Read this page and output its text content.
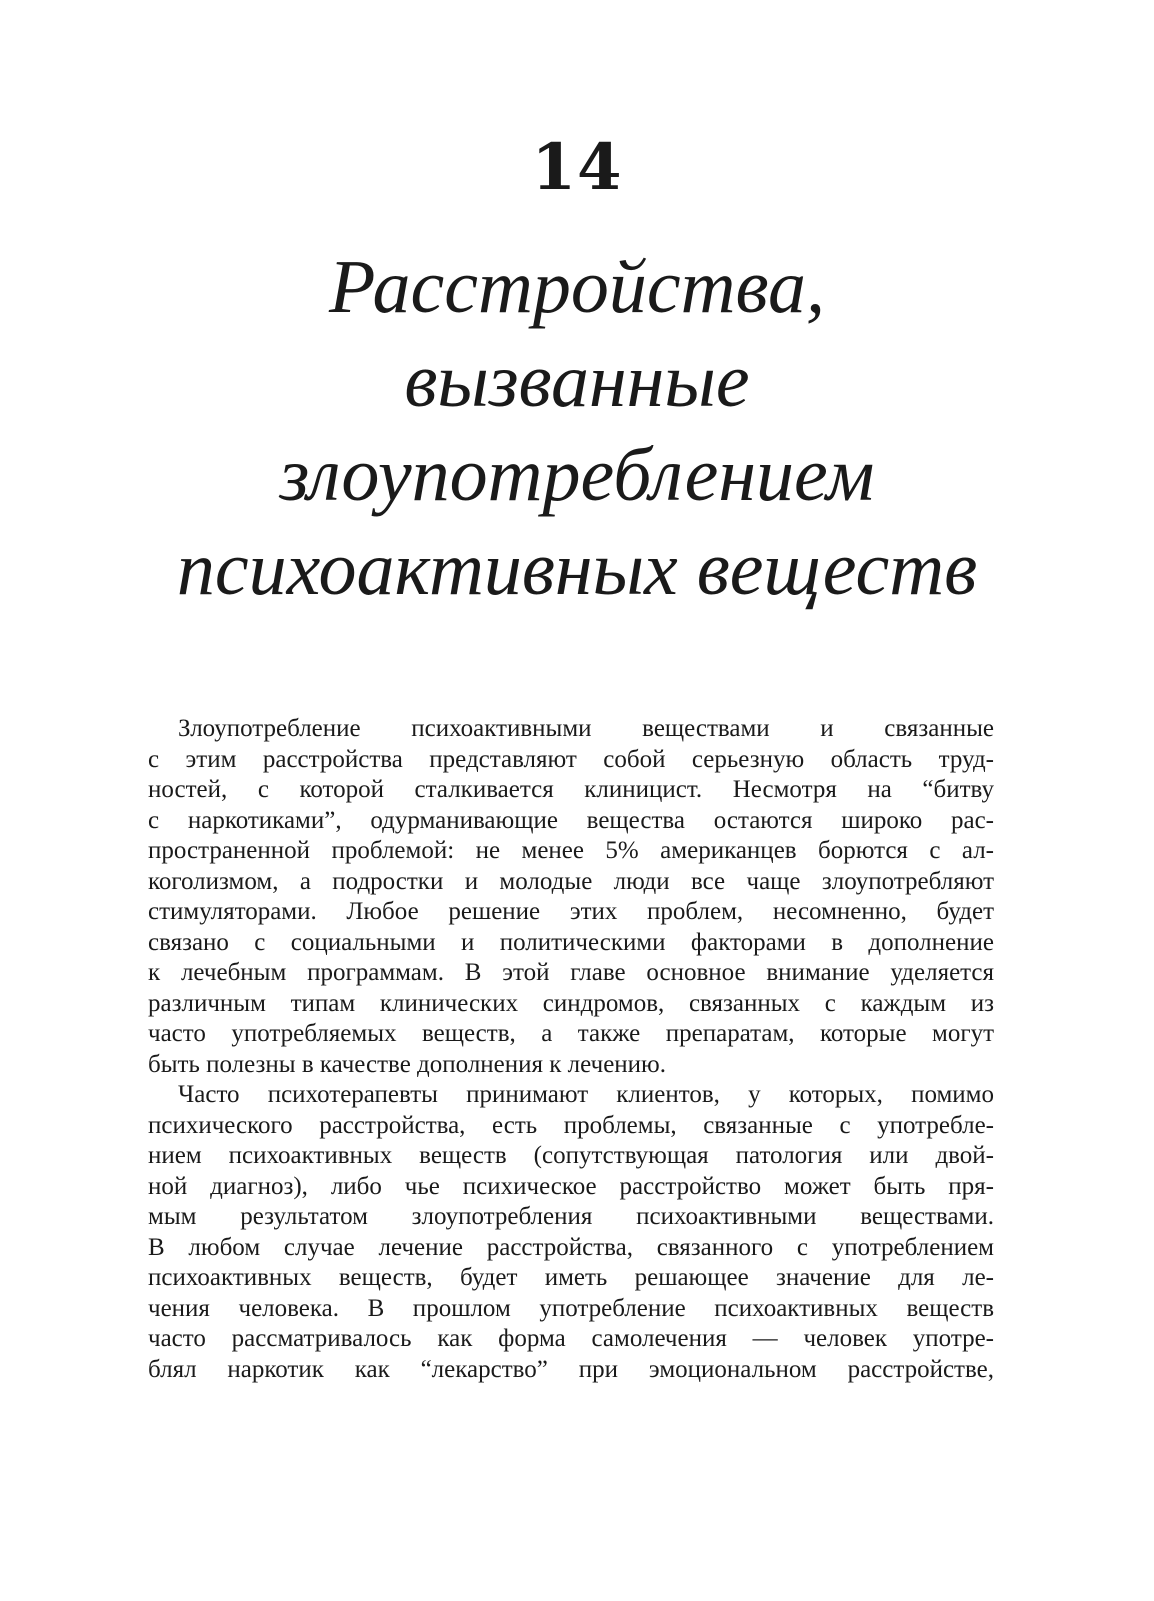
14
Расстройства,
вызванные
злоупотреблением
психоактивных веществ
Злоупотребление психоактивными веществами и связанные
с этим расстройства представляют собой серьезную область труд-
ностей, с которой сталкивается клиницист. Несмотря на “битву
с наркотиками”, одурманивающие вещества остаются широко рас-
пространенной проблемой: не менее 5% американцев борются с ал-
коголизмом, а подростки и молодые люди все чаще злоупотребляют
стимуляторами. Любое решение этих проблем, несомненно, будет
связано с социальными и политическими факторами в дополнение
к лечебным программам. В этой главе основное внимание уделяется
различным типам клинических синдромов, связанных с каждым из
часто употребляемых веществ, а также препаратам, которые могут
быть полезны в качестве дополнения к лечению.
Часто психотерапевты принимают клиентов, у которых, помимо
психического расстройства, есть проблемы, связанные с употребле-
нием психоактивных веществ (сопутствующая патология или двой-
ной диагноз), либо чье психическое расстройство может быть пря-
мым результатом злоупотребления психоактивными веществами.
В любом случае лечение расстройства, связанного с употреблением
психоактивных веществ, будет иметь решающее значение для ле-
чения человека. В прошлом употребление психоактивных веществ
часто рассматривалось как форма самолечения — человек употре-
блял наркотик как “лекарство” при эмоциональном расстройстве,
